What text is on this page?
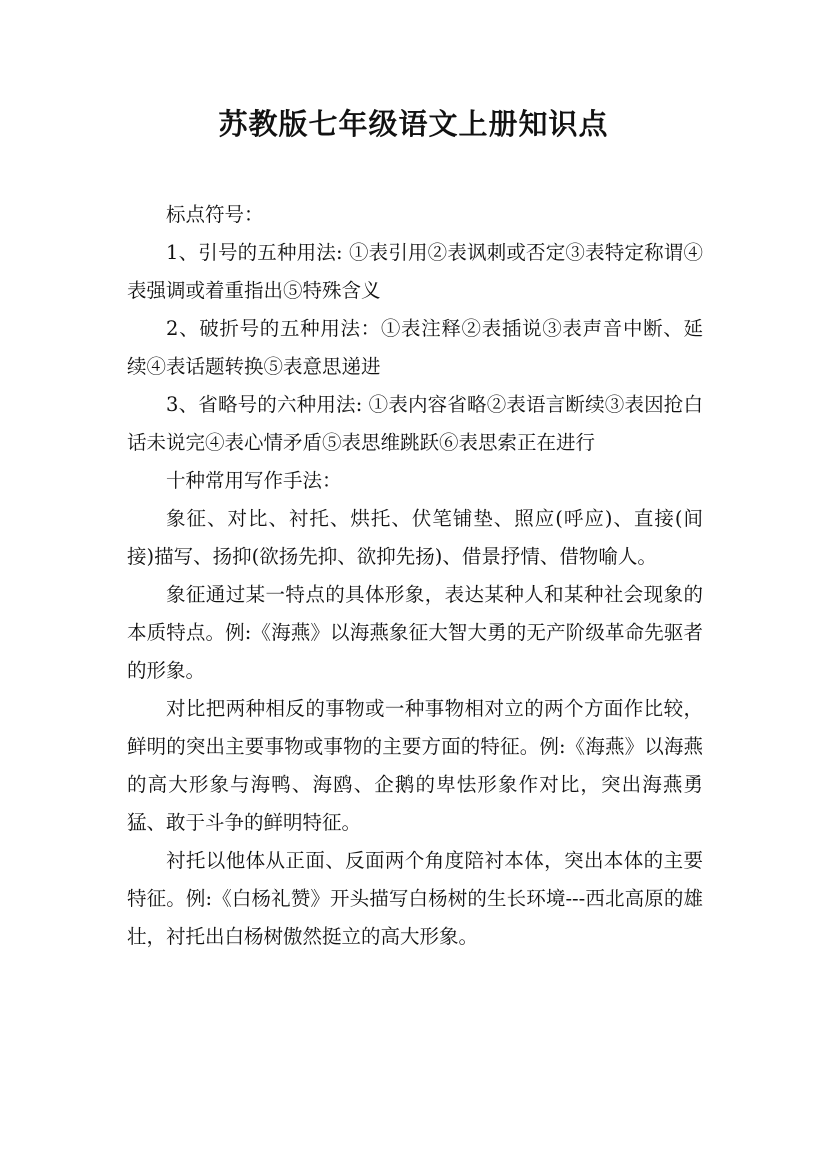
苏教版七年级语文上册知识点

标点符号：

1、引号的五种用法: ①表引用②表讽刺或否定③表特定称谓④表强调或着重指出⑤特殊含义

2、破折号的五种用法：①表注释②表插说③表声音中断、延续④表话题转换⑤表意思递进

3、省略号的六种用法: ①表内容省略②表语言断续③表因抢白话未说完④表心情矛盾⑤表思维跳跃⑥表思索正在进行

十种常用写作手法：

象征、对比、衬托、烘托、伏笔铺垫、照应(呼应)、直接(间接)描写、扬抑(欲扬先抑、欲抑先扬)、借景抒情、借物喻人。

象征通过某一特点的具体形象，表达某种人和某种社会现象的本质特点。例:《海燕》以海燕象征大智大勇的无产阶级革命先驱者的形象。

对比把两种相反的事物或一种事物相对立的两个方面作比较，鲜明的突出主要事物或事物的主要方面的特征。例:《海燕》以海燕的高大形象与海鸭、海鸥、企鹅的卑怯形象作对比，突出海燕勇猛、敢于斗争的鲜明特征。

衬托以他体从正面、反面两个角度陪衬本体，突出本体的主要特征。例:《白杨礼赞》开头描写白杨树的生长环境---西北高原的雄壮，衬托出白杨树傲然挺立的高大形象。
